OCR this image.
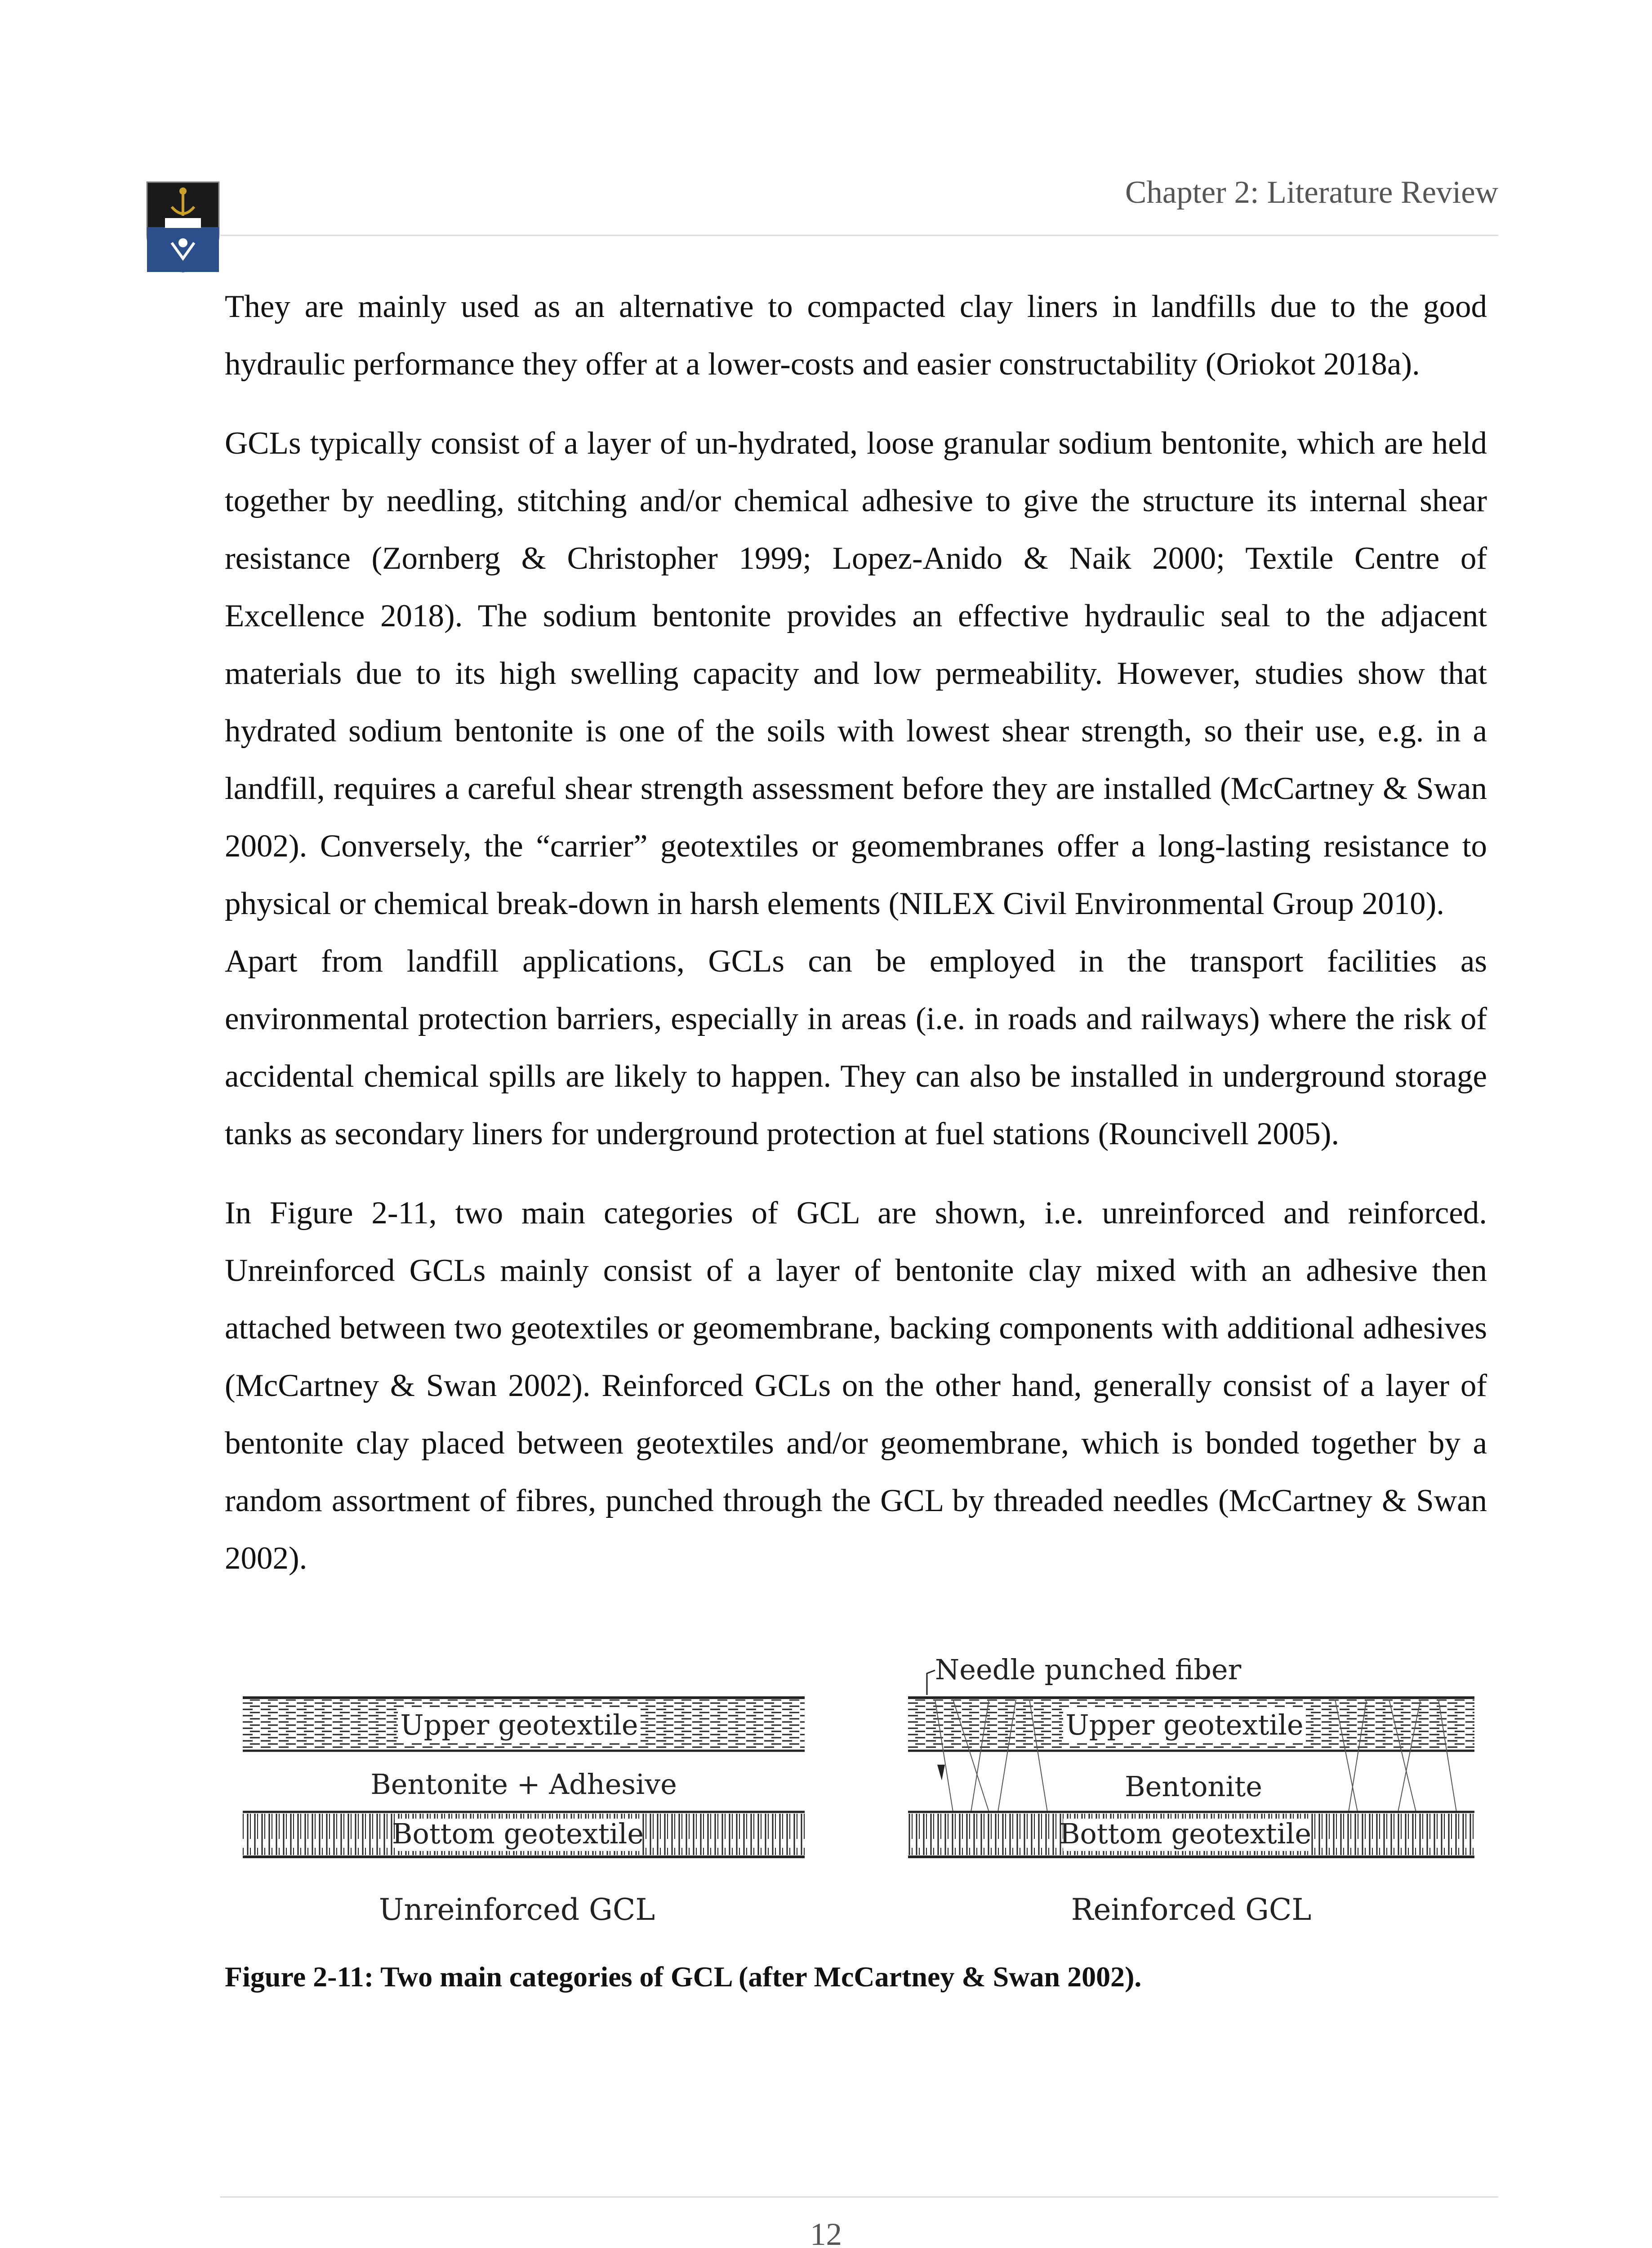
Chapter 2: Literature Review

They are mainly used as an alternative to compacted clay liners in landfills due to the good hydraulic performance they offer at a lower-costs and easier constructability (Oriokot 2018a).

GCLs typically consist of a layer of un-hydrated, loose granular sodium bentonite, which are held together by needling, stitching and/or chemical adhesive to give the structure its internal shear resistance (Zornberg & Christopher 1999; Lopez-Anido & Naik 2000; Textile Centre of Excellence 2018). The sodium bentonite provides an effective hydraulic seal to the adjacent materials due to its high swelling capacity and low permeability. However, studies show that hydrated sodium bentonite is one of the soils with lowest shear strength, so their use, e.g. in a landfill, requires a careful shear strength assessment before they are installed (McCartney & Swan 2002). Conversely, the “carrier” geotextiles or geomembranes offer a long-lasting resistance to physical or chemical break-down in harsh elements (NILEX Civil Environmental Group 2010).

Apart from landfill applications, GCLs can be employed in the transport facilities as environmental protection barriers, especially in areas (i.e. in roads and railways) where the risk of accidental chemical spills are likely to happen. They can also be installed in underground storage tanks as secondary liners for underground protection at fuel stations (Rouncivell 2005).

In Figure 2-11, two main categories of GCL are shown, i.e. unreinforced and reinforced. Unreinforced GCLs mainly consist of a layer of bentonite clay mixed with an adhesive then attached between two geotextiles or geomembrane, backing components with additional adhesives (McCartney & Swan 2002). Reinforced GCLs on the other hand, generally consist of a layer of bentonite clay placed between geotextiles and/or geomembrane, which is bonded together by a random assortment of fibres, punched through the GCL by threaded needles (McCartney & Swan 2002).

Upper geotextile
Bentonite + Adhesive
Bottom geotextile
Unreinforced GCL
Needle punched fiber
Upper geotextile
Bentonite
Bottom geotextile
Reinforced GCL
Figure 2-11: Two main categories of GCL (after McCartney & Swan 2002).
12
